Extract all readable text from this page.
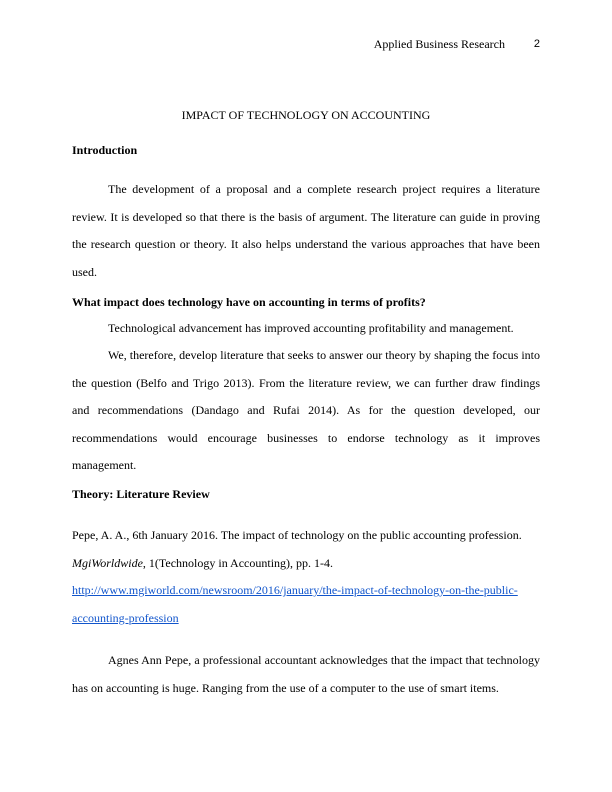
Applied Business Research	2
IMPACT OF TECHNOLOGY ON ACCOUNTING
Introduction

The development of a proposal and a complete research project requires a literature review. It is developed so that there is the basis of argument. The literature can guide in proving the research question or theory. It also helps understand the various approaches that have been used.

What impact does technology have on accounting in terms of profits?

Technological advancement has improved accounting profitability and management.

We, therefore, develop literature that seeks to answer our theory by shaping the focus into the question (Belfo and Trigo 2013). From the literature review, we can further draw findings and recommendations (Dandago and Rufai 2014). As for the question developed, our recommendations would encourage businesses to endorse technology as it improves management.

Theory: Literature Review

Pepe, A. A., 6th January 2016. The impact of technology on the public accounting profession.
MgiWorldwide, 1(Technology in Accounting), pp. 1-4.
http://www.mgiworld.com/newsroom/2016/january/the-impact-of-technology-on-the-public-
accounting-profession

Agnes Ann Pepe, a professional accountant acknowledges that the impact that technology has on accounting is huge. Ranging from the use of a computer to the use of smart items.
